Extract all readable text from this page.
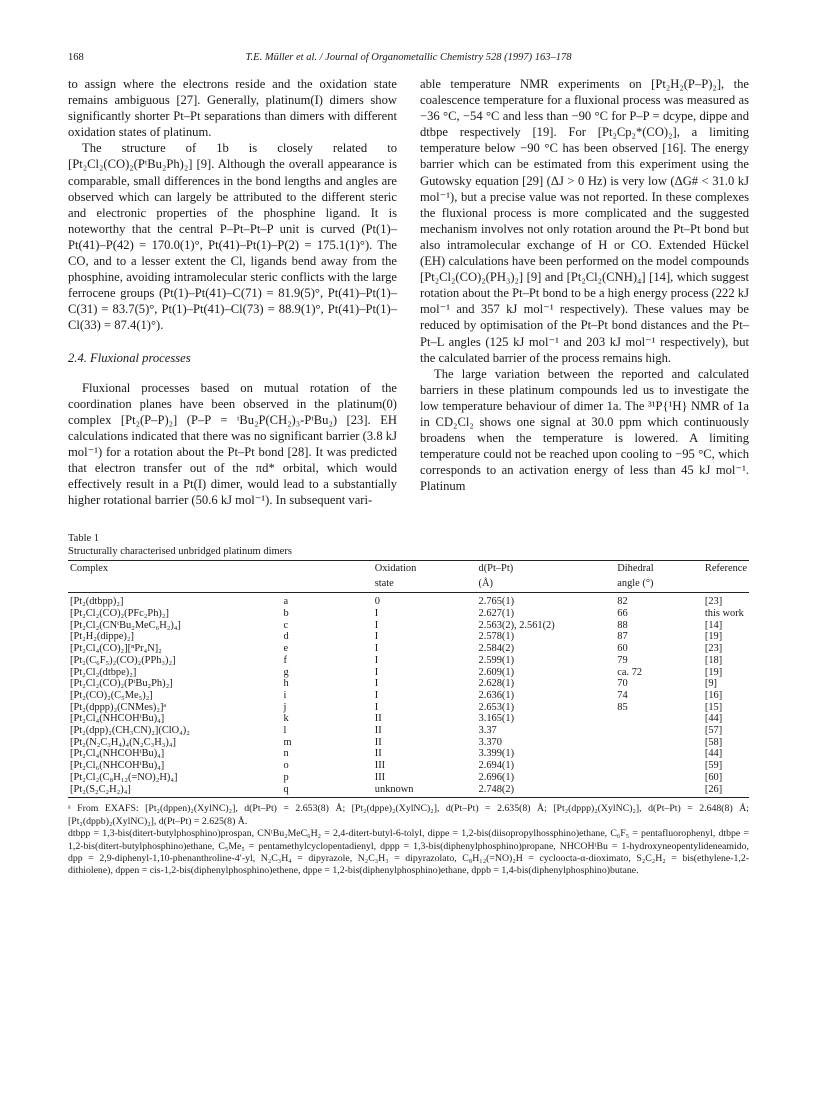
168	T.E. Müller et al. / Journal of Organometallic Chemistry 528 (1997) 163–178

to assign where the electrons reside and the oxidation state remains ambiguous [27]. Generally, platinum(I) dimers show significantly shorter Pt–Pt separations than dimers with different oxidation states of platinum.

The structure of 1b is closely related to [Pt₂Cl₂(CO)₂(PᵗBu₂Ph)₂] [9]. Although the overall appearance is comparable, small differences in the bond lengths and angles are observed which can largely be attributed to the different steric and electronic properties of the phosphine ligand. It is noteworthy that the central P–Pt–Pt–P unit is curved (Pt(1)–Pt(41)–P(42) = 170.0(1)°, Pt(41)–Pt(1)–P(2) = 175.1(1)°). The CO, and to a lesser extent the Cl, ligands bend away from the phosphine, avoiding intramolecular steric conflicts with the large ferrocene groups (Pt(1)–Pt(41)–C(71) = 81.9(5)°, Pt(41)–Pt(1)–C(31) = 83.7(5)°, Pt(1)–Pt(41)–Cl(73) = 88.9(1)°, Pt(41)–Pt(1)–Cl(33) = 87.4(1)°).

2.4. Fluxional processes

Fluxional processes based on mutual rotation of the coordination planes have been observed in the platinum(0) complex [Pt₂(P–P)₂] (P–P = ᵗBu₂P(CH₂)₃-PᵗBu₂) [23]. EH calculations indicated that there was no significant barrier (3.8 kJ mol⁻¹) for a rotation about the Pt–Pt bond [28]. It was predicted that electron transfer out of the πd* orbital, which would effectively result in a Pt(I) dimer, would lead to a substantially higher rotational barrier (50.6 kJ mol⁻¹). In subsequent vari-

able temperature NMR experiments on [Pt₂H₂(P–P)₂], the coalescence temperature for a fluxional process was measured as −36 °C, −54 °C and less than −90 °C for P–P = dcype, dippe and dtbpe respectively [19]. For [Pt₂Cp₂*(CO)₂], a limiting temperature below −90 °C has been observed [16]. The energy barrier which can be estimated from this experiment using the Gutowsky equation [29] (ΔJ > 0 Hz) is very low (ΔG# < 31.0 kJ mol⁻¹), but a precise value was not reported. In these complexes the fluxional process is more complicated and the suggested mechanism involves not only rotation around the Pt–Pt bond but also intramolecular exchange of H or CO. Extended Hückel (EH) calculations have been performed on the model compounds [Pt₂Cl₂(CO)₂(PH₃)₂] [9] and [Pt₂Cl₂(CNH)₄] [14], which suggest rotation about the Pt–Pt bond to be a high energy process (222 kJ mol⁻¹ and 357 kJ mol⁻¹ respectively). These values may be reduced by optimisation of the Pt–Pt bond distances and the Pt–Pt–L angles (125 kJ mol⁻¹ and 203 kJ mol⁻¹ respectively), but the calculated barrier of the process remains high.

The large variation between the reported and calculated barriers in these platinum compounds led us to investigate the low temperature behaviour of dimer 1a. The ³¹P{¹H} NMR of 1a in CD₂Cl₂ shows one signal at 30.0 ppm which continuously broadens when the temperature is lowered. A limiting temperature could not be reached upon cooling to −95 °C, which corresponds to an activation energy of less than 45 kJ mol⁻¹. Platinum

Table 1
Structurally characterised unbridged platinum dimers
Complex		Oxidation	d(Pt–Pt)	Dihedral	Reference
		state	(Å)	angle (°)	
[Pt₂(dtbpp)₂]	a	0	2.765(1)	82	[23]
[Pt₂Cl₂(CO)₂(PFc₂Ph)₂]	b	I	2.627(1)	66	this work
[Pt₂Cl₂(CNᵗBu₂MeC₆H₂)₄]	c	I	2.563(2), 2.561(2)	88	[14]
[Pt₂H₂(dippe)₂]	d	I	2.578(1)	87	[19]
[Pt₂Cl₄(CO)₂][ⁿPr₄N]₂	e	I	2.584(2)	60	[23]
[Pt₂(C₆F₅)₂(CO)₂(PPh₃)₂]	f	I	2.599(1)	79	[18]
[Pt₂Cl₂(dtbpe)₂]	g	I	2.609(1)	ca. 72	[19]
[Pt₂Cl₂(CO)₂(PᵗBu₂Ph)₂]	h	I	2.628(1)	70	[9]
[Pt₂(CO)₂(C₅Me₅)₂]	i	I	2.636(1)	74	[16]
[Pt₂(dppp)₂(CNMes)₂]ᵃ	j	I	2.653(1)	85	[15]
[Pt₂Cl₄(NHCOHᵗBu)₄]	k	II	3.165(1)		[44]
[Pt₂(dpp)₂(CH₃CN)₂](ClO₄)₂	l	II	3.37		[57]
[Pt₂(N₂C₃H₄)₄(N₂C₃H₃)₄]	m	II	3.370		[58]
[Pt₂Cl₄(NHCOHᵗBu)₄]	n	II	3.399(1)		[44]
[Pt₂Cl₆(NHCOHᵗBu)₄]	o	III	2.694(1)		[59]
[Pt₂Cl₂(C₈H₁₂(=NO)₂H)₄]	p	III	2.696(1)		[60]
[Pt₂(S₂C₂H₂)₄]	q	unknown	2.748(2)		[26]

ᵃ From EXAFS: [Pt₂(dppen)₂(XylNC)₂], d(Pt–Pt) = 2.653(8) Å; [Pt₂(dppe)₂(XylNC)₂], d(Pt–Pt) = 2.635(8) Å; [Pt₂(dppp)₂(XylNC)₂], d(Pt–Pt) = 2.648(8) Å; [Pt₂(dppb)₂(XylNC)₂], d(Pt–Pt) = 2.625(8) Å.

dtbpp = 1,3-bis(ditert-butylphosphino)prospan, CNᵗBu₂MeC₆H₂ = 2,4-ditert-butyl-6-tolyl, dippe = 1,2-bis(diisopropylhossphino)ethane, C₆F₅ = pentafluorophenyl, dtbpe = 1,2-bis(ditert-butylphosphino)ethane, C₅Me₅ = pentamethylcyclopentadienyl, dppp = 1,3-bis(diphenylphosphino)propane, NHCOHᵗBu = 1-hydroxyneopentylideneamido, dpp = 2,9-diphenyl-1,10-phenanthroline-4′-yl, N₂C₃H₄ = dipyrazole, N₂C₃H₃ = dipyrazolato, C₈H₁₂(=NO)₂H = cycloocta-α-dioximato, S₂C₂H₂ = bis(ethylene-1,2-dithiolene), dppen = cis-1,2-bis(diphenylphosphino)ethene, dppe = 1,2-bis(diphenylphosphino)ethane, dppb = 1,4-bis(diphenylphosphino)butane.
